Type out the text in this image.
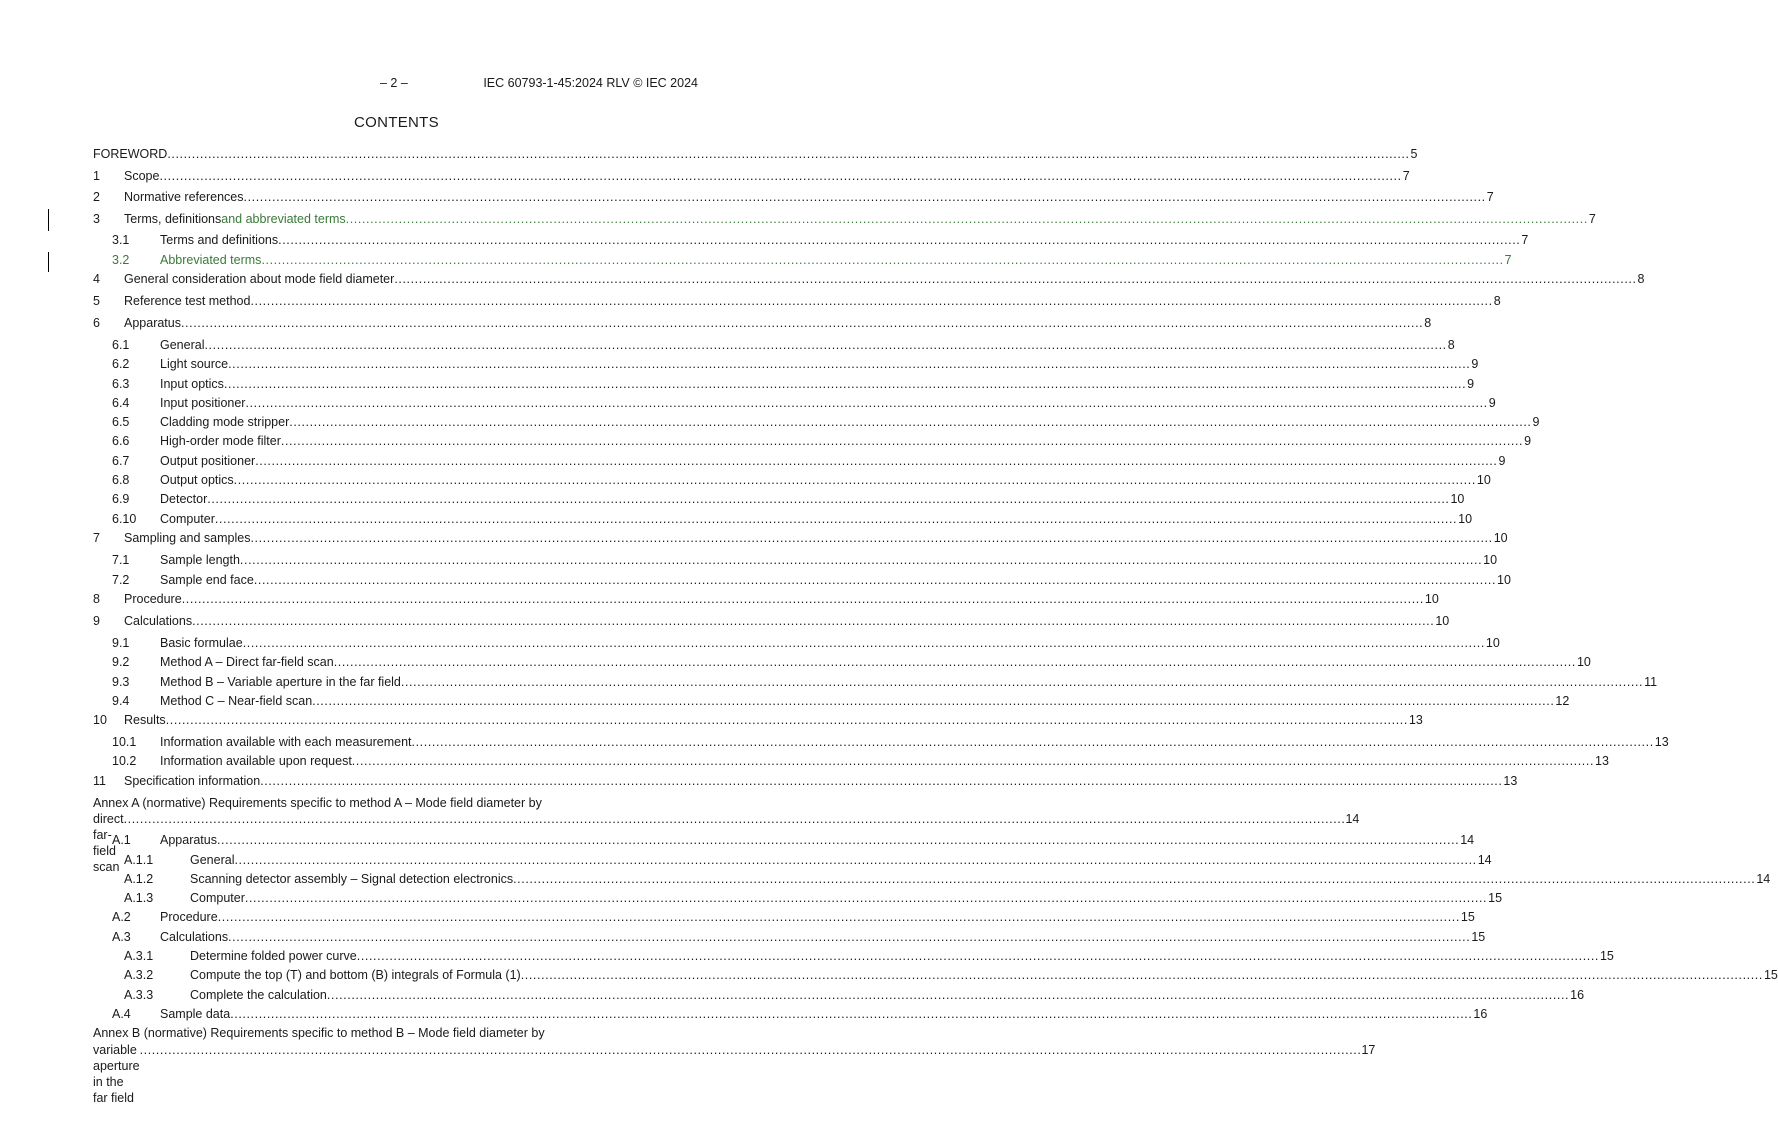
– 2 –	IEC 60793-1-45:2024 RLV © IEC 2024
CONTENTS
FOREWORD .....	5
1 Scope .....	7
2 Normative references .....	7
3 Terms, definitions and abbreviated terms .....	7
3.1 Terms and definitions .....	7
3.2 Abbreviated terms .....	7
4 General consideration about mode field diameter .....	8
5 Reference test method .....	8
6 Apparatus .....	8
6.1 General .....	8
6.2 Light source .....	9
6.3 Input optics .....	9
6.4 Input positioner .....	9
6.5 Cladding mode stripper .....	9
6.6 High-order mode filter .....	9
6.7 Output positioner .....	9
6.8 Output optics .....	10
6.9 Detector .....	10
6.10 Computer .....	10
7 Sampling and samples .....	10
7.1 Sample length .....	10
7.2 Sample end face .....	10
8 Procedure .....	10
9 Calculations .....	10
9.1 Basic formulae .....	10
9.2 Method A – Direct far-field scan .....	10
9.3 Method B – Variable aperture in the far field .....	11
9.4 Method C – Near-field scan .....	12
10 Results .....	13
10.1 Information available with each measurement .....	13
10.2 Information available upon request .....	13
11 Specification information .....	13
Annex A (normative) Requirements specific to method A – Mode field diameter by
direct far-field scan
............................................................................................................................................................................................................................................................................................................ 14
A.1 Apparatus .....	14
A.1.1	General .....	14
A.1.2	Scanning detector assembly – Signal detection electronics .....	14
A.1.3	Computer .....	15
A.2 Procedure .....	15
A.3 Calculations .....	15
A.3.1	Determine folded power curve .....	15
A.3.2	Compute the top (T) and bottom (B) integrals of Formula (1) .....	15
A.3.3	Complete the calculation .....	16
A.4 Sample data .....	16
Annex B (normative) Requirements specific to method B – Mode field diameter by
variable aperture in the far field
............................................................................................................................................................................................................................................................................................................ 17
